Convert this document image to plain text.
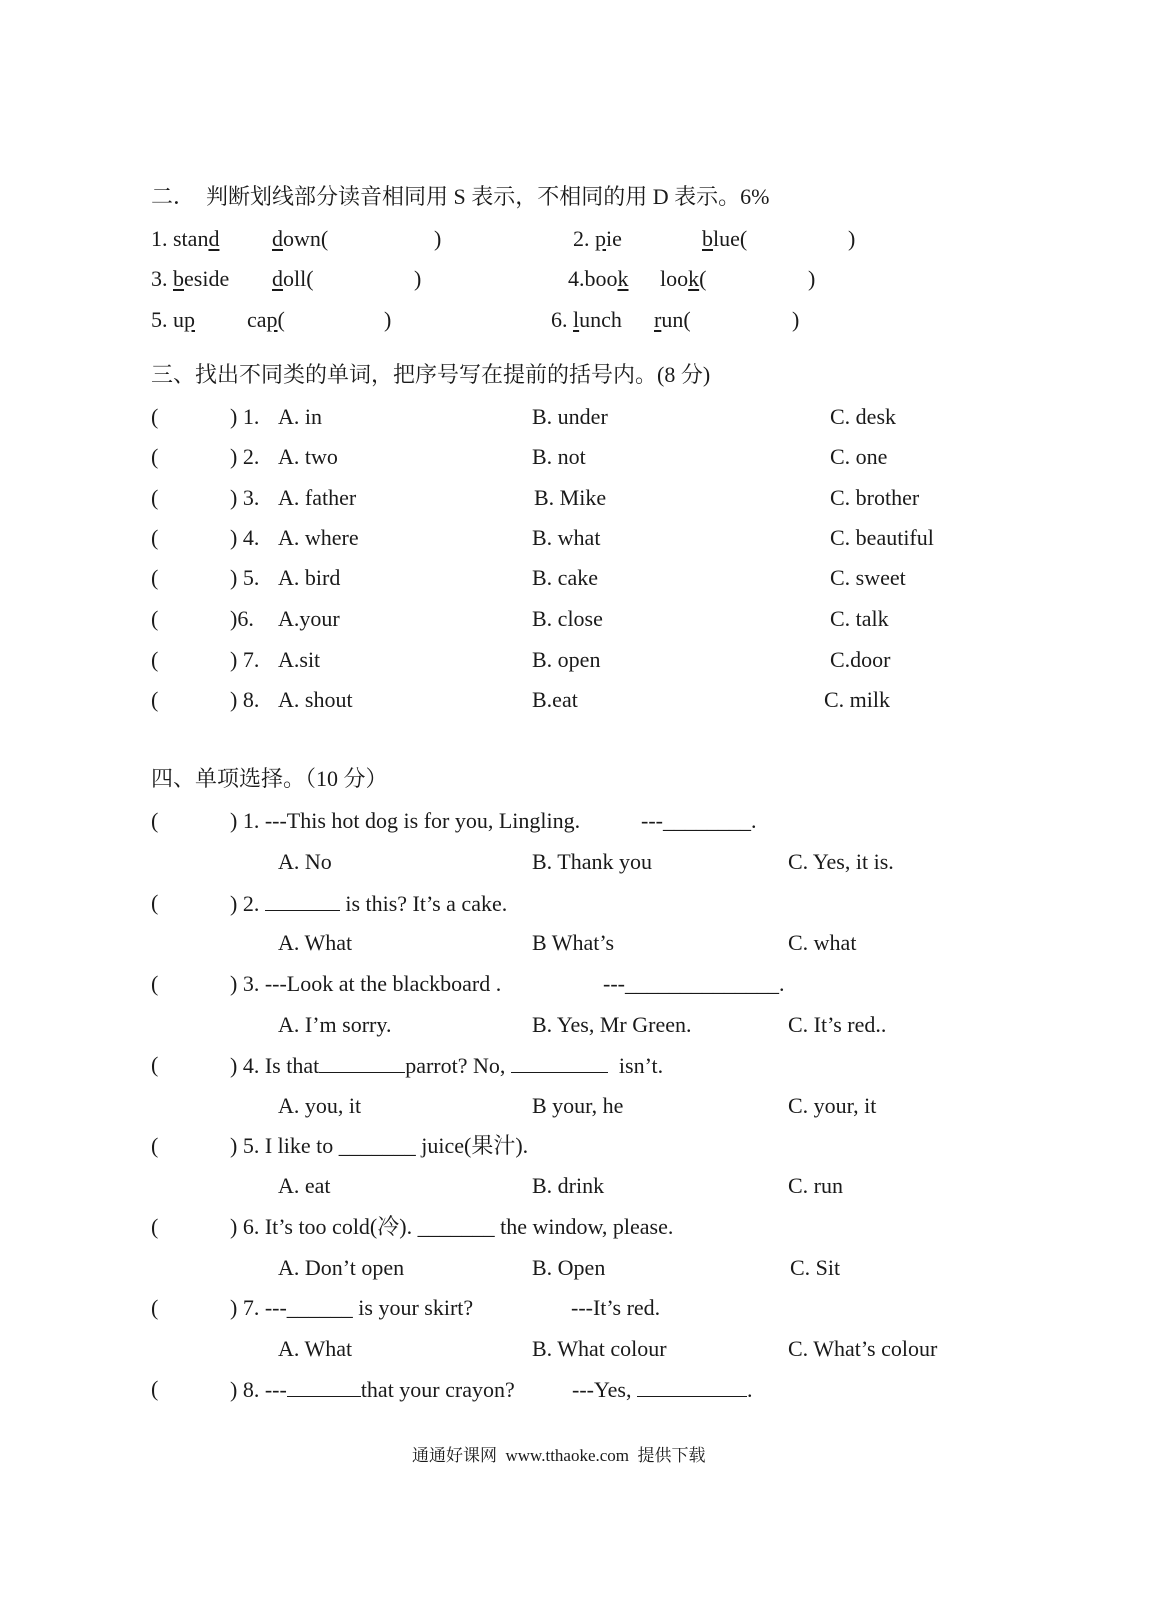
二．  判断划线部分读音相同用 S 表示，不相同的用 D 表示。6%
1. stand down(	)	2. pie	blue(	)
3. beside doll(	)	4.book look(	)
5. up cap(	)	6. lunch run(	)
三、找出不同类的单词，把序号写在提前的括号内。(8 分)
(	) 1. A. in	B. under	C. desk
(	) 2. A. two	B. not	C. one
(	) 3. A. father	B. Mike	C. brother
(	) 4. A. where	B. what	C. beautiful
(	) 5. A. bird	B. cake	C. sweet
(	)6. A.your	B. close	C. talk
(	) 7. A.sit	B. open	C.door
(	) 8. A. shout	B.eat	C. milk
四、单项选择。（10 分）
(	) 1. ---This hot dog is for you, Lingling.	---________.
A. No	B. Thank you	C. Yes, it is.
(	) 2.	is this? It’s a cake.
A. What	B What’s	C. what
(	) 3. ---Look at the blackboard .	---______________.
A. I’m sorry.	B. Yes, Mr Green.	C. It’s red..
(	) 4. Is that	parrot? No,	isn’t.
A. you, it	B your, he	C. your, it
(	) 5. I like to _______ juice(果汁).
A. eat	B. drink	C. run
(	) 6. It’s too cold(冷). _______ the window, please.
A. Don’t open	B. Open	C. Sit
(	) 7. ---______ is your skirt?	---It’s red.
A. What	B. What colour	C. What’s colour
(	) 8. ---	that your crayon?	---Yes,	.
通通好课网  www.tthaoke.com  提供下载
